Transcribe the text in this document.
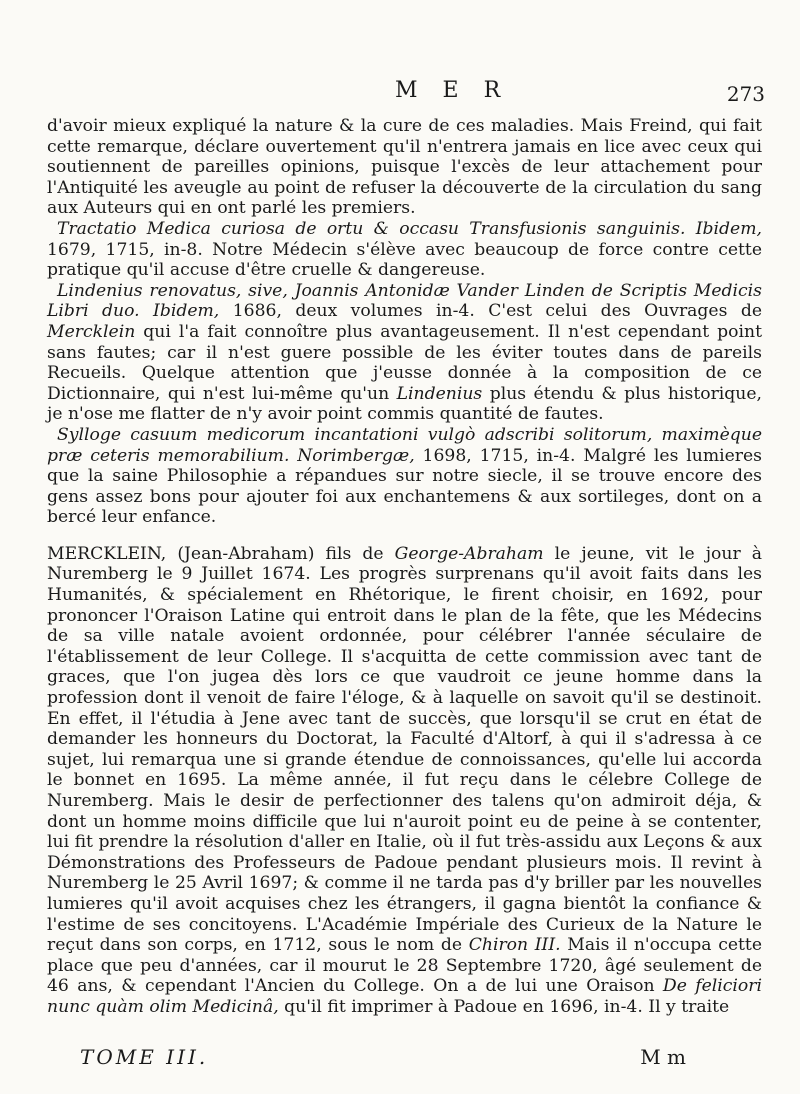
M E R	273

d'avoir mieux expliqué la nature & la cure de ces maladies. Mais Freind, qui fait cette remarque, déclare ouvertement qu'il n'entrera jamais en lice avec ceux qui soutiennent de pareilles opinions, puisque l'excès de leur attachement pour l'Antiquité les aveugle au point de refuser la découverte de la circulation du sang aux Auteurs qui en ont parlé les premiers.

Tractatio Medica curiosa de ortu & occasu Transfusionis sanguinis. Ibidem, 1679, 1715, in-8. Notre Médecin s'élève avec beaucoup de force contre cette pratique qu'il accuse d'être cruelle & dangereuse.

Lindenius renovatus, sive, Joannis Antonidæ Vander Linden de Scriptis Medicis Libri duo. Ibidem, 1686, deux volumes in-4. C'est celui des Ouvrages de Mercklein qui l'a fait connoître plus avantageusement. Il n'est cependant point sans fautes; car il n'est guere possible de les éviter toutes dans de pareils Recueils. Quelque attention que j'eusse donnée à la composition de ce Dictionnaire, qui n'est lui-même qu'un Lindenius plus étendu & plus historique, je n'ose me flatter de n'y avoir point commis quantité de fautes.

Sylloge casuum medicorum incantationi vulgò adscribi solitorum, maximèque præ ceteris memorabilium. Norimbergæ, 1698, 1715, in-4. Malgré les lumieres que la saine Philosophie a répandues sur notre siecle, il se trouve encore des gens assez bons pour ajouter foi aux enchantemens & aux sortileges, dont on a bercé leur enfance.

MERCKLEIN, (Jean-Abraham) fils de George-Abraham le jeune, vit le jour à Nuremberg le 9 Juillet 1674. Les progrès surprenans qu'il avoit faits dans les Humanités, & spécialement en Rhétorique, le firent choisir, en 1692, pour prononcer l'Oraison Latine qui entroit dans le plan de la fête, que les Médecins de sa ville natale avoient ordonnée, pour célébrer l'année séculaire de l'établissement de leur College. Il s'acquitta de cette commission avec tant de graces, que l'on jugea dès lors ce que vaudroit ce jeune homme dans la profession dont il venoit de faire l'éloge, & à laquelle on savoit qu'il se destinoit. En effet, il l'étudia à Jene avec tant de succès, que lorsqu'il se crut en état de demander les honneurs du Doctorat, la Faculté d'Altorf, à qui il s'adressa à ce sujet, lui remarqua une si grande étendue de connoissances, qu'elle lui accorda le bonnet en 1695. La même année, il fut reçu dans le célebre College de Nuremberg. Mais le desir de perfectionner des talens qu'on admiroit déja, & dont un homme moins difficile que lui n'auroit point eu de peine à se contenter, lui fit prendre la résolution d'aller en Italie, où il fut très-assidu aux Leçons & aux Démonstrations des Professeurs de Padoue pendant plusieurs mois. Il revint à Nuremberg le 25 Avril 1697; & comme il ne tarda pas d'y briller par les nouvelles lumieres qu'il avoit acquises chez les étrangers, il gagna bientôt la confiance & l'estime de ses concitoyens. L'Académie Impériale des Curieux de la Nature le reçut dans son corps, en 1712, sous le nom de Chiron III. Mais il n'occupa cette place que peu d'années, car il mourut le 28 Septembre 1720, âgé seulement de 46 ans, & cependant l'Ancien du College. On a de lui une Oraison De feliciori nunc quàm olim Medicinâ, qu'il fit imprimer à Padoue en 1696, in-4. Il y traite

TOME III.	M m
